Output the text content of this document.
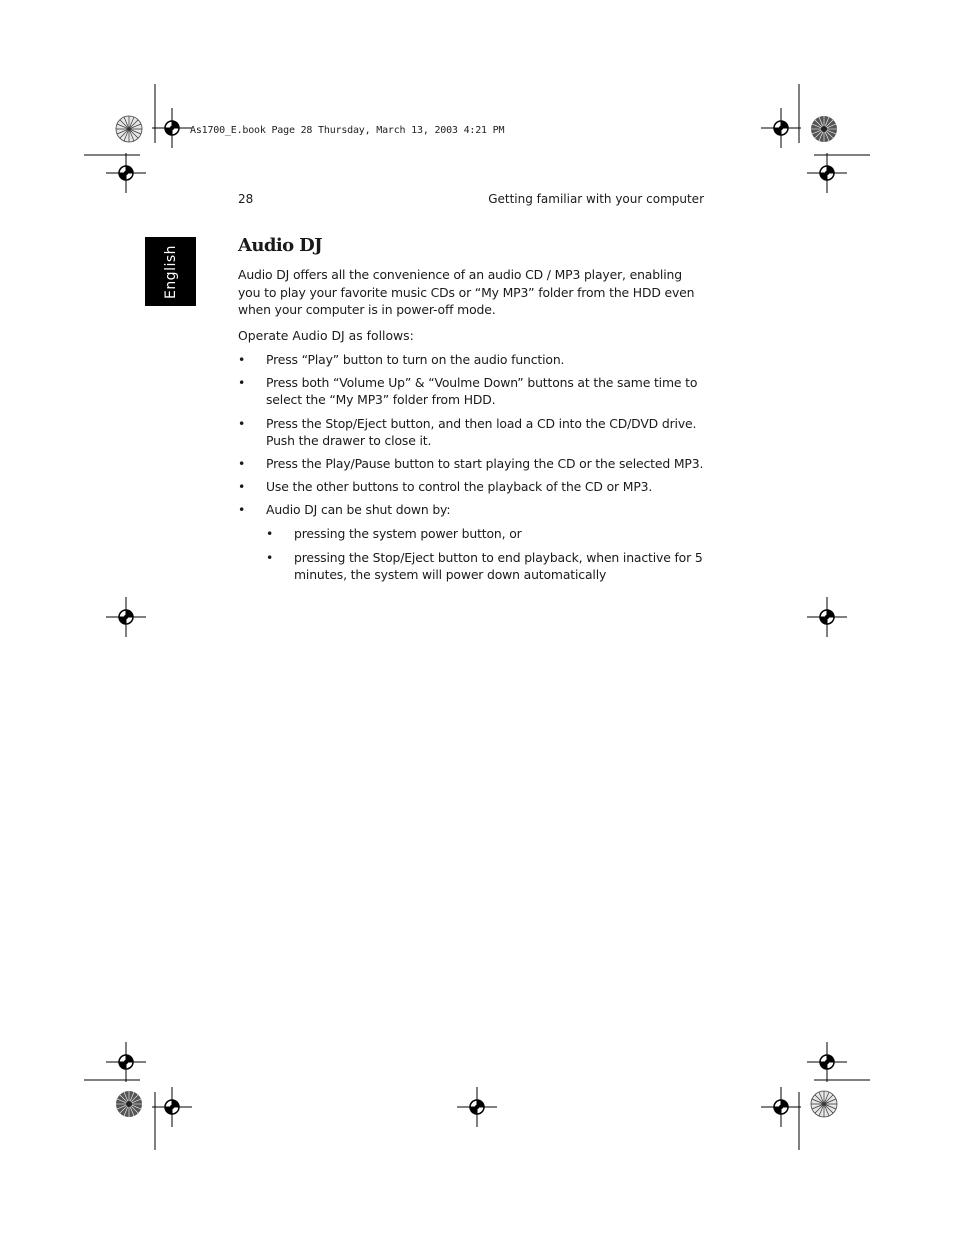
As1700_E.book Page 28 Thursday, March 13, 2003 4:21 PM
28	Getting familiar with your computer
English	Audio DJ

Audio DJ offers all the convenience of an audio CD / MP3 player, enabling you to play your favorite music CDs or “My MP3” folder from the HDD even when your computer is in power-off mode.

Operate Audio DJ as follows:

• Press “Play” button to turn on the audio function.
• Press both “Volume Up” & “Voulme Down” buttons at the same time to select the “My MP3” folder from HDD.
• Press the Stop/Eject button, and then load a CD into the CD/DVD drive. Push the drawer to close it.
• Press the Play/Pause button to start playing the CD or the selected MP3.
• Use the other buttons to control the playback of the CD or MP3.
• Audio DJ can be shut down by:
• pressing the system power button, or
• pressing the Stop/Eject button to end playback, when inactive for 5 minutes, the system will power down automatically
